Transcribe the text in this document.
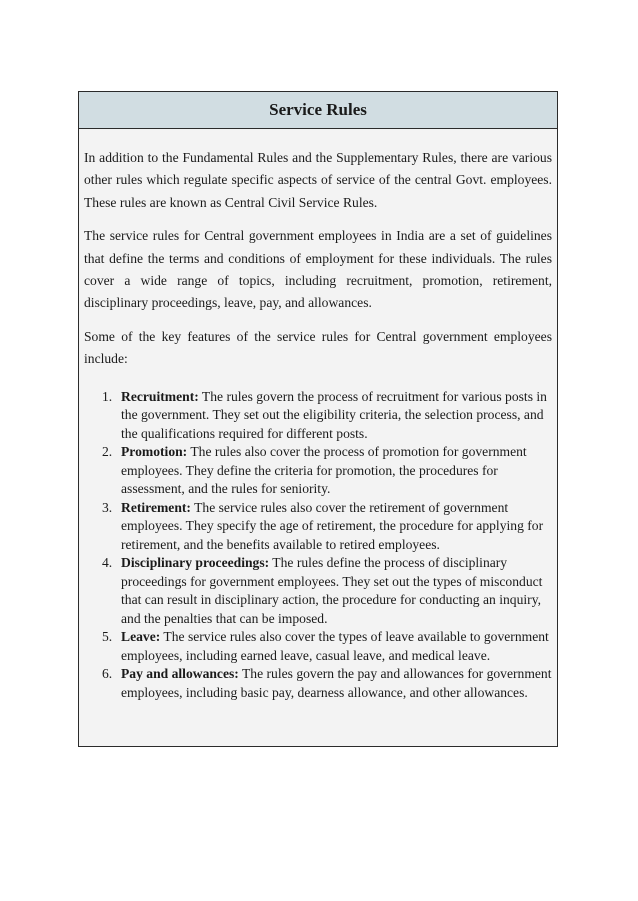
Service Rules

In addition to the Fundamental Rules and the Supplementary Rules, there are various other rules which regulate specific aspects of service of the central Govt. employees. These rules are known as Central Civil Service Rules.

The service rules for Central government employees in India are a set of guidelines that define the terms and conditions of employment for these individuals. The rules cover a wide range of topics, including recruitment, promotion, retirement, disciplinary proceedings, leave, pay, and allowances.

Some of the key features of the service rules for Central government employees include:

1. Recruitment: The rules govern the process of recruitment for various posts in the government. They set out the eligibility criteria, the selection process, and the qualifications required for different posts.
2. Promotion: The rules also cover the process of promotion for government employees. They define the criteria for promotion, the procedures for assessment, and the rules for seniority.
3. Retirement: The service rules also cover the retirement of government employees. They specify the age of retirement, the procedure for applying for retirement, and the benefits available to retired employees.
4. Disciplinary proceedings: The rules define the process of disciplinary proceedings for government employees. They set out the types of misconduct that can result in disciplinary action, the procedure for conducting an inquiry, and the penalties that can be imposed.
5. Leave: The service rules also cover the types of leave available to government employees, including earned leave, casual leave, and medical leave.
6. Pay and allowances: The rules govern the pay and allowances for government employees, including basic pay, dearness allowance, and other allowances.
